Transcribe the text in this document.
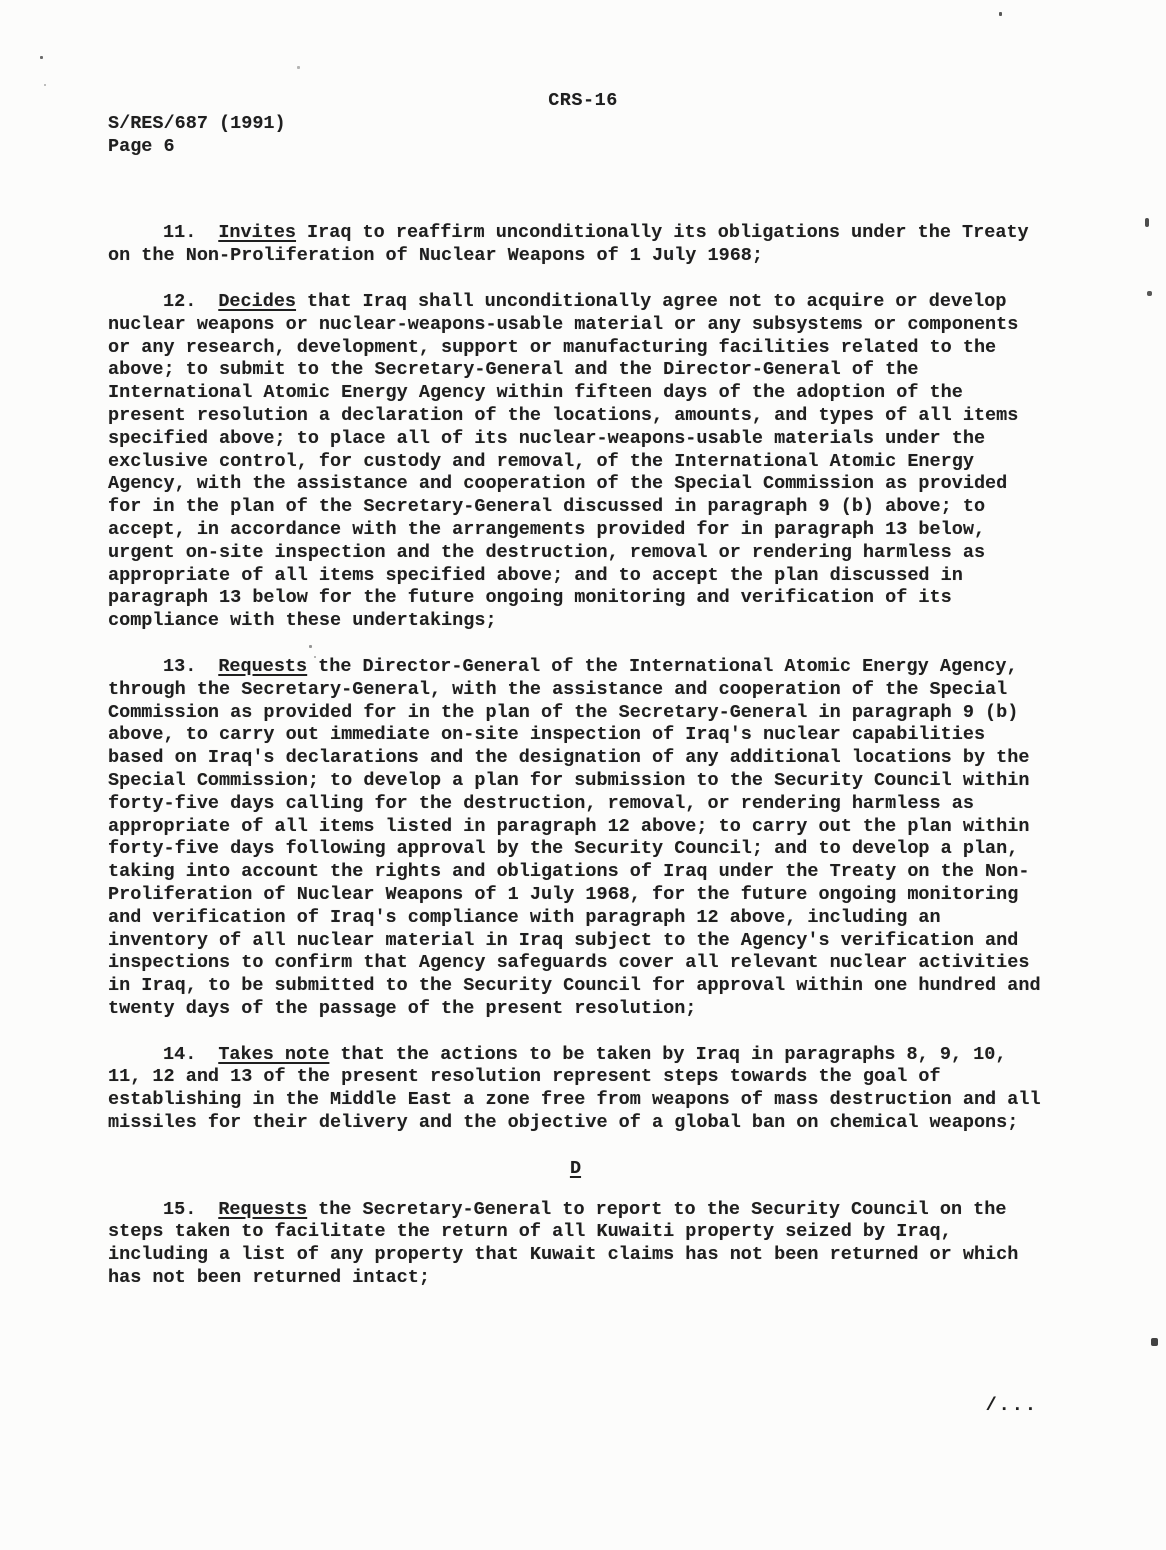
CRS-16
S/RES/687 (1991)
Page 6

11. Invites Iraq to reaffirm unconditionally its obligations under the Treaty on the Non-Proliferation of Nuclear Weapons of 1 July 1968;

12. Decides that Iraq shall unconditionally agree not to acquire or develop nuclear weapons or nuclear-weapons-usable material or any subsystems or components or any research, development, support or manufacturing facilities related to the above; to submit to the Secretary-General and the Director-General of the International Atomic Energy Agency within fifteen days of the adoption of the present resolution a declaration of the locations, amounts, and types of all items specified above; to place all of its nuclear-weapons-usable materials under the exclusive control, for custody and removal, of the International Atomic Energy Agency, with the assistance and cooperation of the Special Commission as provided for in the plan of the Secretary-General discussed in paragraph 9 (b) above; to accept, in accordance with the arrangements provided for in paragraph 13 below, urgent on-site inspection and the destruction, removal or rendering harmless as appropriate of all items specified above; and to accept the plan discussed in paragraph 13 below for the future ongoing monitoring and verification of its compliance with these undertakings;

13. Requests the Director-General of the International Atomic Energy Agency, through the Secretary-General, with the assistance and cooperation of the Special Commission as provided for in the plan of the Secretary-General in paragraph 9 (b) above, to carry out immediate on-site inspection of Iraq's nuclear capabilities based on Iraq's declarations and the designation of any additional locations by the Special Commission; to develop a plan for submission to the Security Council within forty-five days calling for the destruction, removal, or rendering harmless as appropriate of all items listed in paragraph 12 above; to carry out the plan within forty-five days following approval by the Security Council; and to develop a plan, taking into account the rights and obligations of Iraq under the Treaty on the Non-Proliferation of Nuclear Weapons of 1 July 1968, for the future ongoing monitoring and verification of Iraq's compliance with paragraph 12 above, including an inventory of all nuclear material in Iraq subject to the Agency's verification and inspections to confirm that Agency safeguards cover all relevant nuclear activities in Iraq, to be submitted to the Security Council for approval within one hundred and twenty days of the passage of the present resolution;

14. Takes note that the actions to be taken by Iraq in paragraphs 8, 9, 10, 11, 12 and 13 of the present resolution represent steps towards the goal of establishing in the Middle East a zone free from weapons of mass destruction and all missiles for their delivery and the objective of a global ban on chemical weapons;

D

15. Requests the Secretary-General to report to the Security Council on the steps taken to facilitate the return of all Kuwaiti property seized by Iraq, including a list of any property that Kuwait claims has not been returned or which has not been returned intact;

/...
